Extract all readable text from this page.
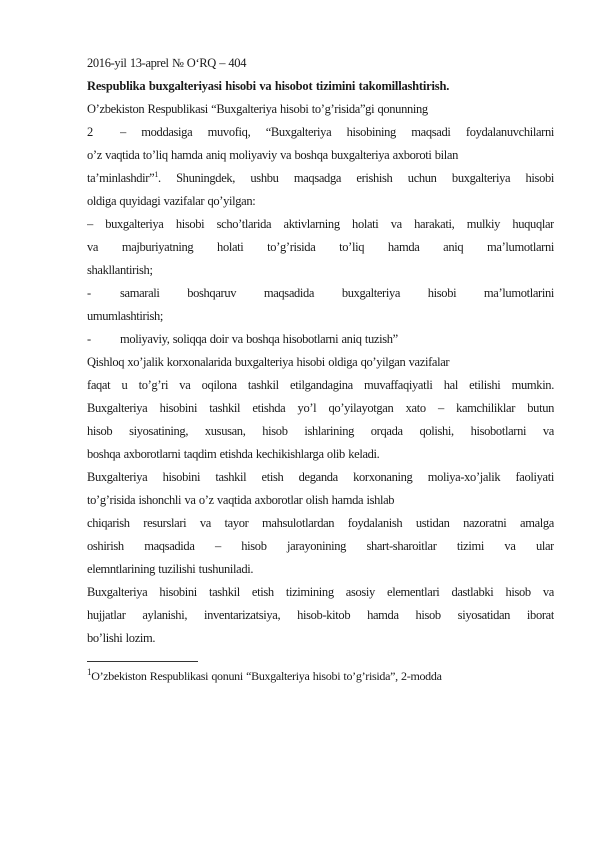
2016-yil 13-aprel № O‘RQ – 404
Respublika buxgalteriyasi hisobi va hisobot tizimini takomillashtirish.
O’zbekiston Respublikasi “Buxgalteriya hisobi to’g’risida”gi qonunning
2	– moddasiga muvofiq, “Buxgalteriya hisobining maqsadi foydalanuvchilarni
o’z vaqtida to’liq hamda aniq moliyaviy va boshqa buxgalteriya axboroti bilan
ta’minlashdir”$^1$. Shuningdek, ushbu maqsadga erishish uchun buxgalteriya hisobi
oldiga quyidagi vazifalar qo’yilgan:
– buxgalteriya hisobi scho’tlarida aktivlarning holati va harakati, mulkiy huquqlar
va majburiyatning holati to’g’risida to’liq hamda aniq ma’lumotlarni
shakllantirish;
-	samarali boshqaruv maqsadida buxgalteriya hisobi ma’lumotlarini
umumlashtirish;
-	moliyaviy, soliqqa doir va boshqa hisobotlarni aniq tuzish”
Qishloq xo’jalik korxonalarida buxgalteriya hisobi oldiga qo’yilgan vazifalar
faqat u to’g’ri va oqilona tashkil etilgandagina muvaffaqiyatli hal etilishi mumkin.
Buxgalteriya hisobini tashkil etishda yo’l qo’yilayotgan xato – kamchiliklar butun
hisob siyosatining, xususan, hisob ishlarining orqada qolishi, hisobotlarni va
boshqa axborotlarni taqdim etishda kechikishlarga olib keladi.
Buxgalteriya hisobini tashkil etish deganda korxonaning moliya-xo’jalik faoliyati
to’g’risida ishonchli va o’z vaqtida axborotlar olish hamda ishlab
chiqarish resurslari va tayor mahsulotlardan foydalanish ustidan nazoratni amalga
oshirish maqsadida – hisob jarayonining shart-sharoitlar tizimi va ular
elemntlarining tuzilishi tushuniladi.
Buxgalteriya hisobini tashkil etish tizimining asosiy elementlari dastlabki hisob va
hujjatlar aylanishi, inventarizatsiya, hisob-kitob hamda hisob siyosatidan iborat
bo’lishi lozim.
$^1$O’zbekiston Respublikasi qonuni “Buxgalteriya hisobi to’g’risida”, 2-modda
